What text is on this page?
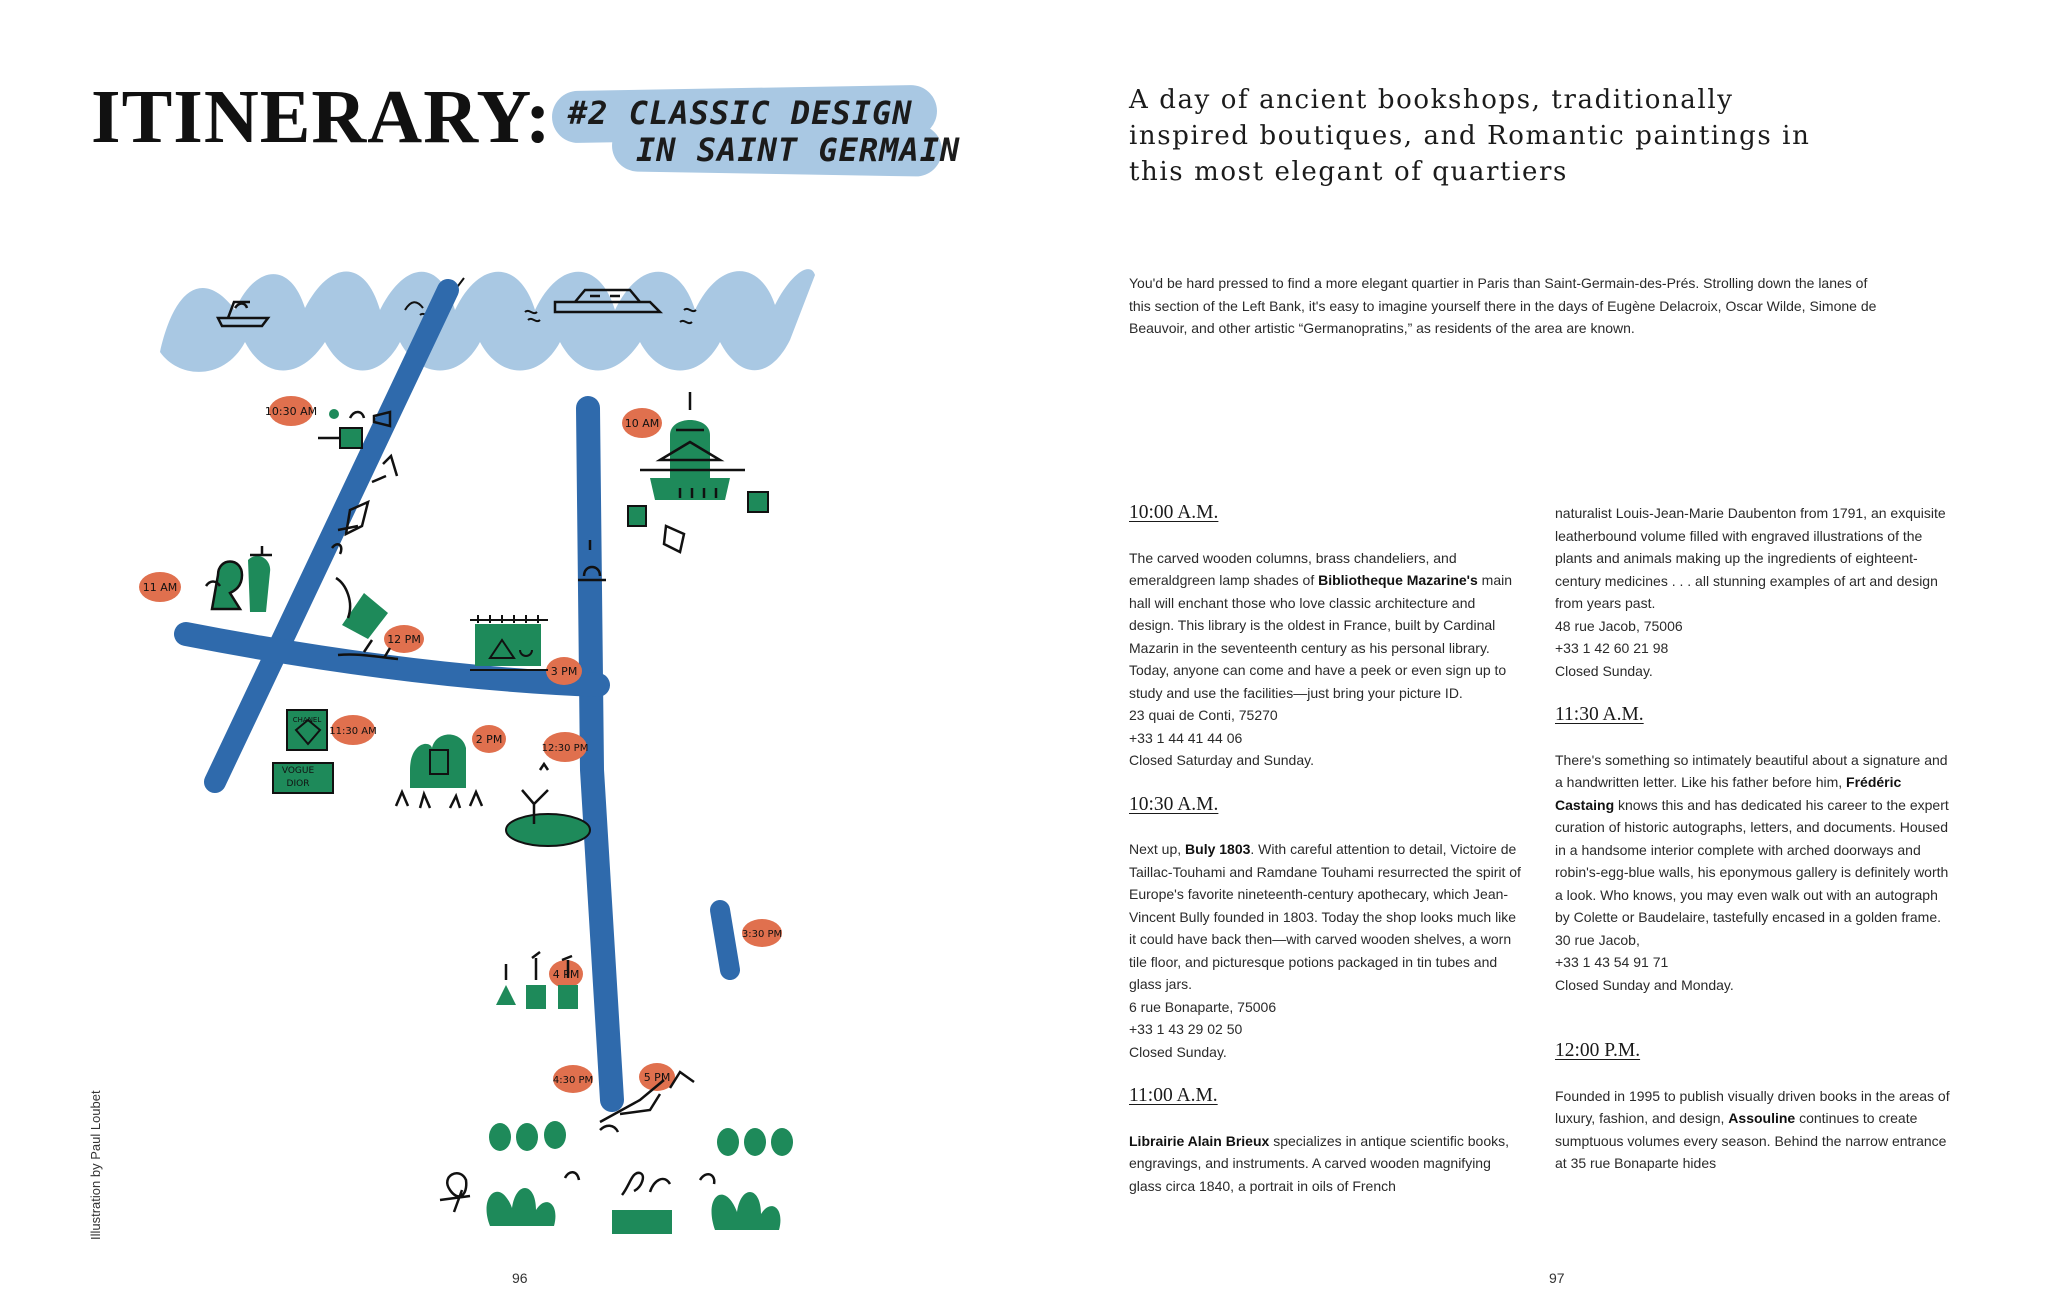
ITINERARY: #2 CLASSIC DESIGN
IN SAINT GERMAIN
10:30 AM
10 AM
11 AM
12 PM
3 PM
11:30 AM
2 PM
12:30 PM
3:30 PM
4 PM
4:30 PM	5 PM
CHANEL
VOGUE
DIOR
Illustration by Paul Loubet
96
A day of ancient bookshops, traditionally inspired boutiques, and Romantic paintings in this most elegant of quartiers
You'd be hard pressed to find a more elegant quartier in Paris than Saint-Germain-des-Prés. Strolling down the lanes of this section of the Left Bank, it's easy to imagine yourself there in the days of Eugène Delacroix, Oscar Wilde, Simone de Beauvoir, and other artistic “Germanopratins,” as residents of the area are known.

10:00 A.M.

The carved wooden columns, brass chandeliers, and emeraldgreen lamp shades of Bibliotheque Mazarine's main hall will enchant those who love classic architecture and design. This library is the oldest in France, built by Cardinal Mazarin in the seventeenth century as his personal library. Today, anyone can come and have a peek or even sign up to study and use the facilities—just bring your picture ID.

23 quai de Conti, 75270

+33 1 44 41 44 06

Closed Saturday and Sunday.

10:30 A.M.

Next up, Buly 1803. With careful attention to detail, Victoire de Taillac-Touhami and Ramdane Touhami resurrected the spirit of Europe's favorite nineteenth-century apothecary, which Jean-Vincent Bully founded in 1803. Today the shop looks much like it could have back then—with carved wooden shelves, a worn tile floor, and picturesque potions packaged in tin tubes and glass jars.

6 rue Bonaparte, 75006

+33 1 43 29 02 50

Closed Sunday.

11:00 A.M.

Librairie Alain Brieux specializes in antique scientific books, engravings, and instruments. A carved wooden magnifying glass circa 1840, a portrait in oils of French

naturalist Louis-Jean-Marie Daubenton from 1791, an exquisite leatherbound volume filled with engraved illustrations of the plants and animals making up the ingredients of eighteent-century medicines . . . all stunning examples of art and design from years past.

48 rue Jacob, 75006

+33 1 42 60 21 98

Closed Sunday.

11:30 A.M.

There's something so intimately beautiful about a signature and a handwritten letter. Like his father before him, Frédéric Castaing knows this and has dedicated his career to the expert curation of historic autographs, letters, and documents. Housed in a handsome interior complete with arched doorways and robin's-egg-blue walls, his eponymous gallery is definitely worth a look. Who knows, you may even walk out with an autograph by Colette or Baudelaire, tastefully encased in a golden frame.

30 rue Jacob,

+33 1 43 54 91 71

Closed Sunday and Monday.

12:00 P.M.

Founded in 1995 to publish visually driven books in the areas of luxury, fashion, and design, Assouline continues to create sumptuous volumes every season. Behind the narrow entrance at 35 rue Bonaparte hides

97
